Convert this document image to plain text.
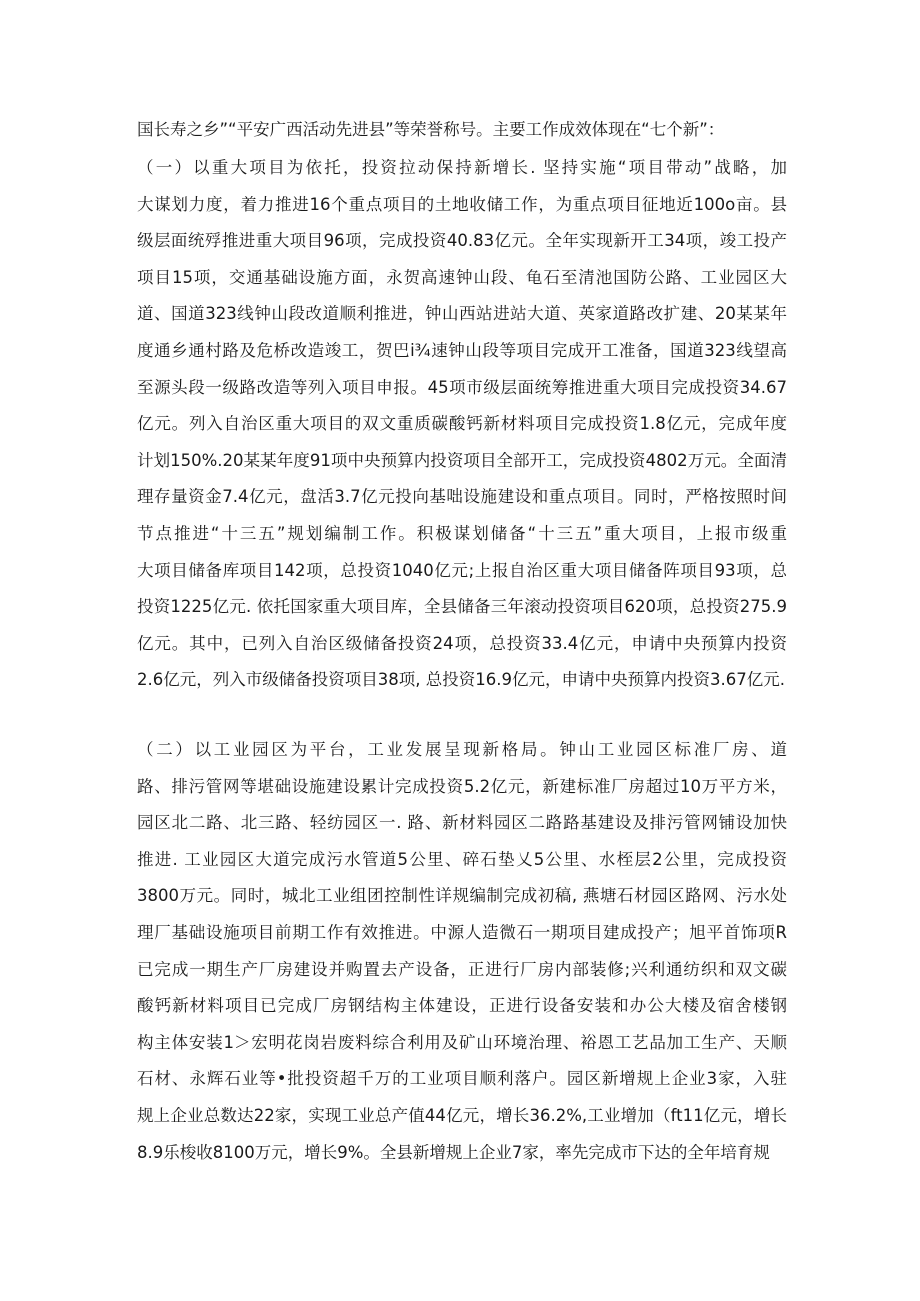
国长寿之乡”“平安广西活动先进县”等荣誉称号。主要工作成效体现在“七个新”：
（一）以重大项目为依托，投资拉动保持新增长. 坚持实施“项目带动”战略，加
大谋划力度，着力推进16个重点项目的土地收储工作，为重点项目征地近100o亩。县
级层面统殍推进重大项目96项，完成投资40.83亿元。全年实现新开工34项，竣工投产
项目15项，交通基础设施方面，永贺高速钟山段、龟石至清池国防公路、工业园区大
道、国道323线钟山段改道顺利推进，钟山西站进站大道、英家道路改扩建、20某某年
度通乡通村路及危桥改造竣工，贺巴i¾速钟山段等项目完成开工准备，国道323线望高
至源头段一级路改造等列入项目申报。45项市级层面统筹推进重大项目完成投资34.67
亿元。列入自治区重大项目的双文重质碳酸钙新材料项目完成投资1.8亿元，完成年度
计划150%.20某某年度91项中央预算内投资项目全部开工，完成投资4802万元。全面清
理存量资金7.4亿元，盘活3.7亿元投向基咄设施建设和重点项目。同时，严格按照时间
节点推进“十三五”规划编制工作。积极谋划储备“十三五”重大项目，上报市级重
大项目储备库项目142项，总投资1040亿元;上报自治区重大项目储备阵项目93项，总
投资1225亿元. 依托国家重大项目库，全县储备三年滚动投资项目620项，总投资275.9
亿元。其中，已列入自治区级储备投资24项，总投资33.4亿元，申请中央预算内投资
2.6亿元，列入市级储备投资项目38项, 总投资16.9亿元，申请中央预算内投资3.67亿元.
（二）以工业园区为平台，工业发展呈现新格局。钟山工业园区标准厂房、道
路、排污管网等堪础设施建设累计完成投资5.2亿元，新建标准厂房超过10万平方米，
园区北二路、北三路、轻纺园区一. 路、新材料园区二路路基建设及排污管网铺设加快
推进. 工业园区大道完成污水管道5公里、碎石垫乂5公里、水桎层2公里，完成投资
3800万元。同时，城北工业组团控制性详规编制完成初稿, 燕塘石材园区路网、污水处
理厂基础设施项目前期工作有效推进。中源人造微石一期项目建成投产；旭平首饰项R
已完成一期生产厂房建设并购置去产设备，正进行厂房内部装修;兴利通纺织和双文碳
酸钙新材料项目已完成厂房钢结构主体建设，正进行设备安装和办公大楼及宿舍楼钢
构主体安装1＞宏明花岗岩废料综合利用及矿山环境治理、裕恩工艺品加工生产、天顺
石材、永辉石业等•批投资超千万的工业项目顺利落户。园区新增规上企业3家，入驻
规上企业总数达22家，实现工业总产值44亿元，增长36.2%,工业增加（ft11亿元，增长
8.9乐梭收8100万元，增长9%。全县新增规上企业7家，率先完成市下达的全年培育规
